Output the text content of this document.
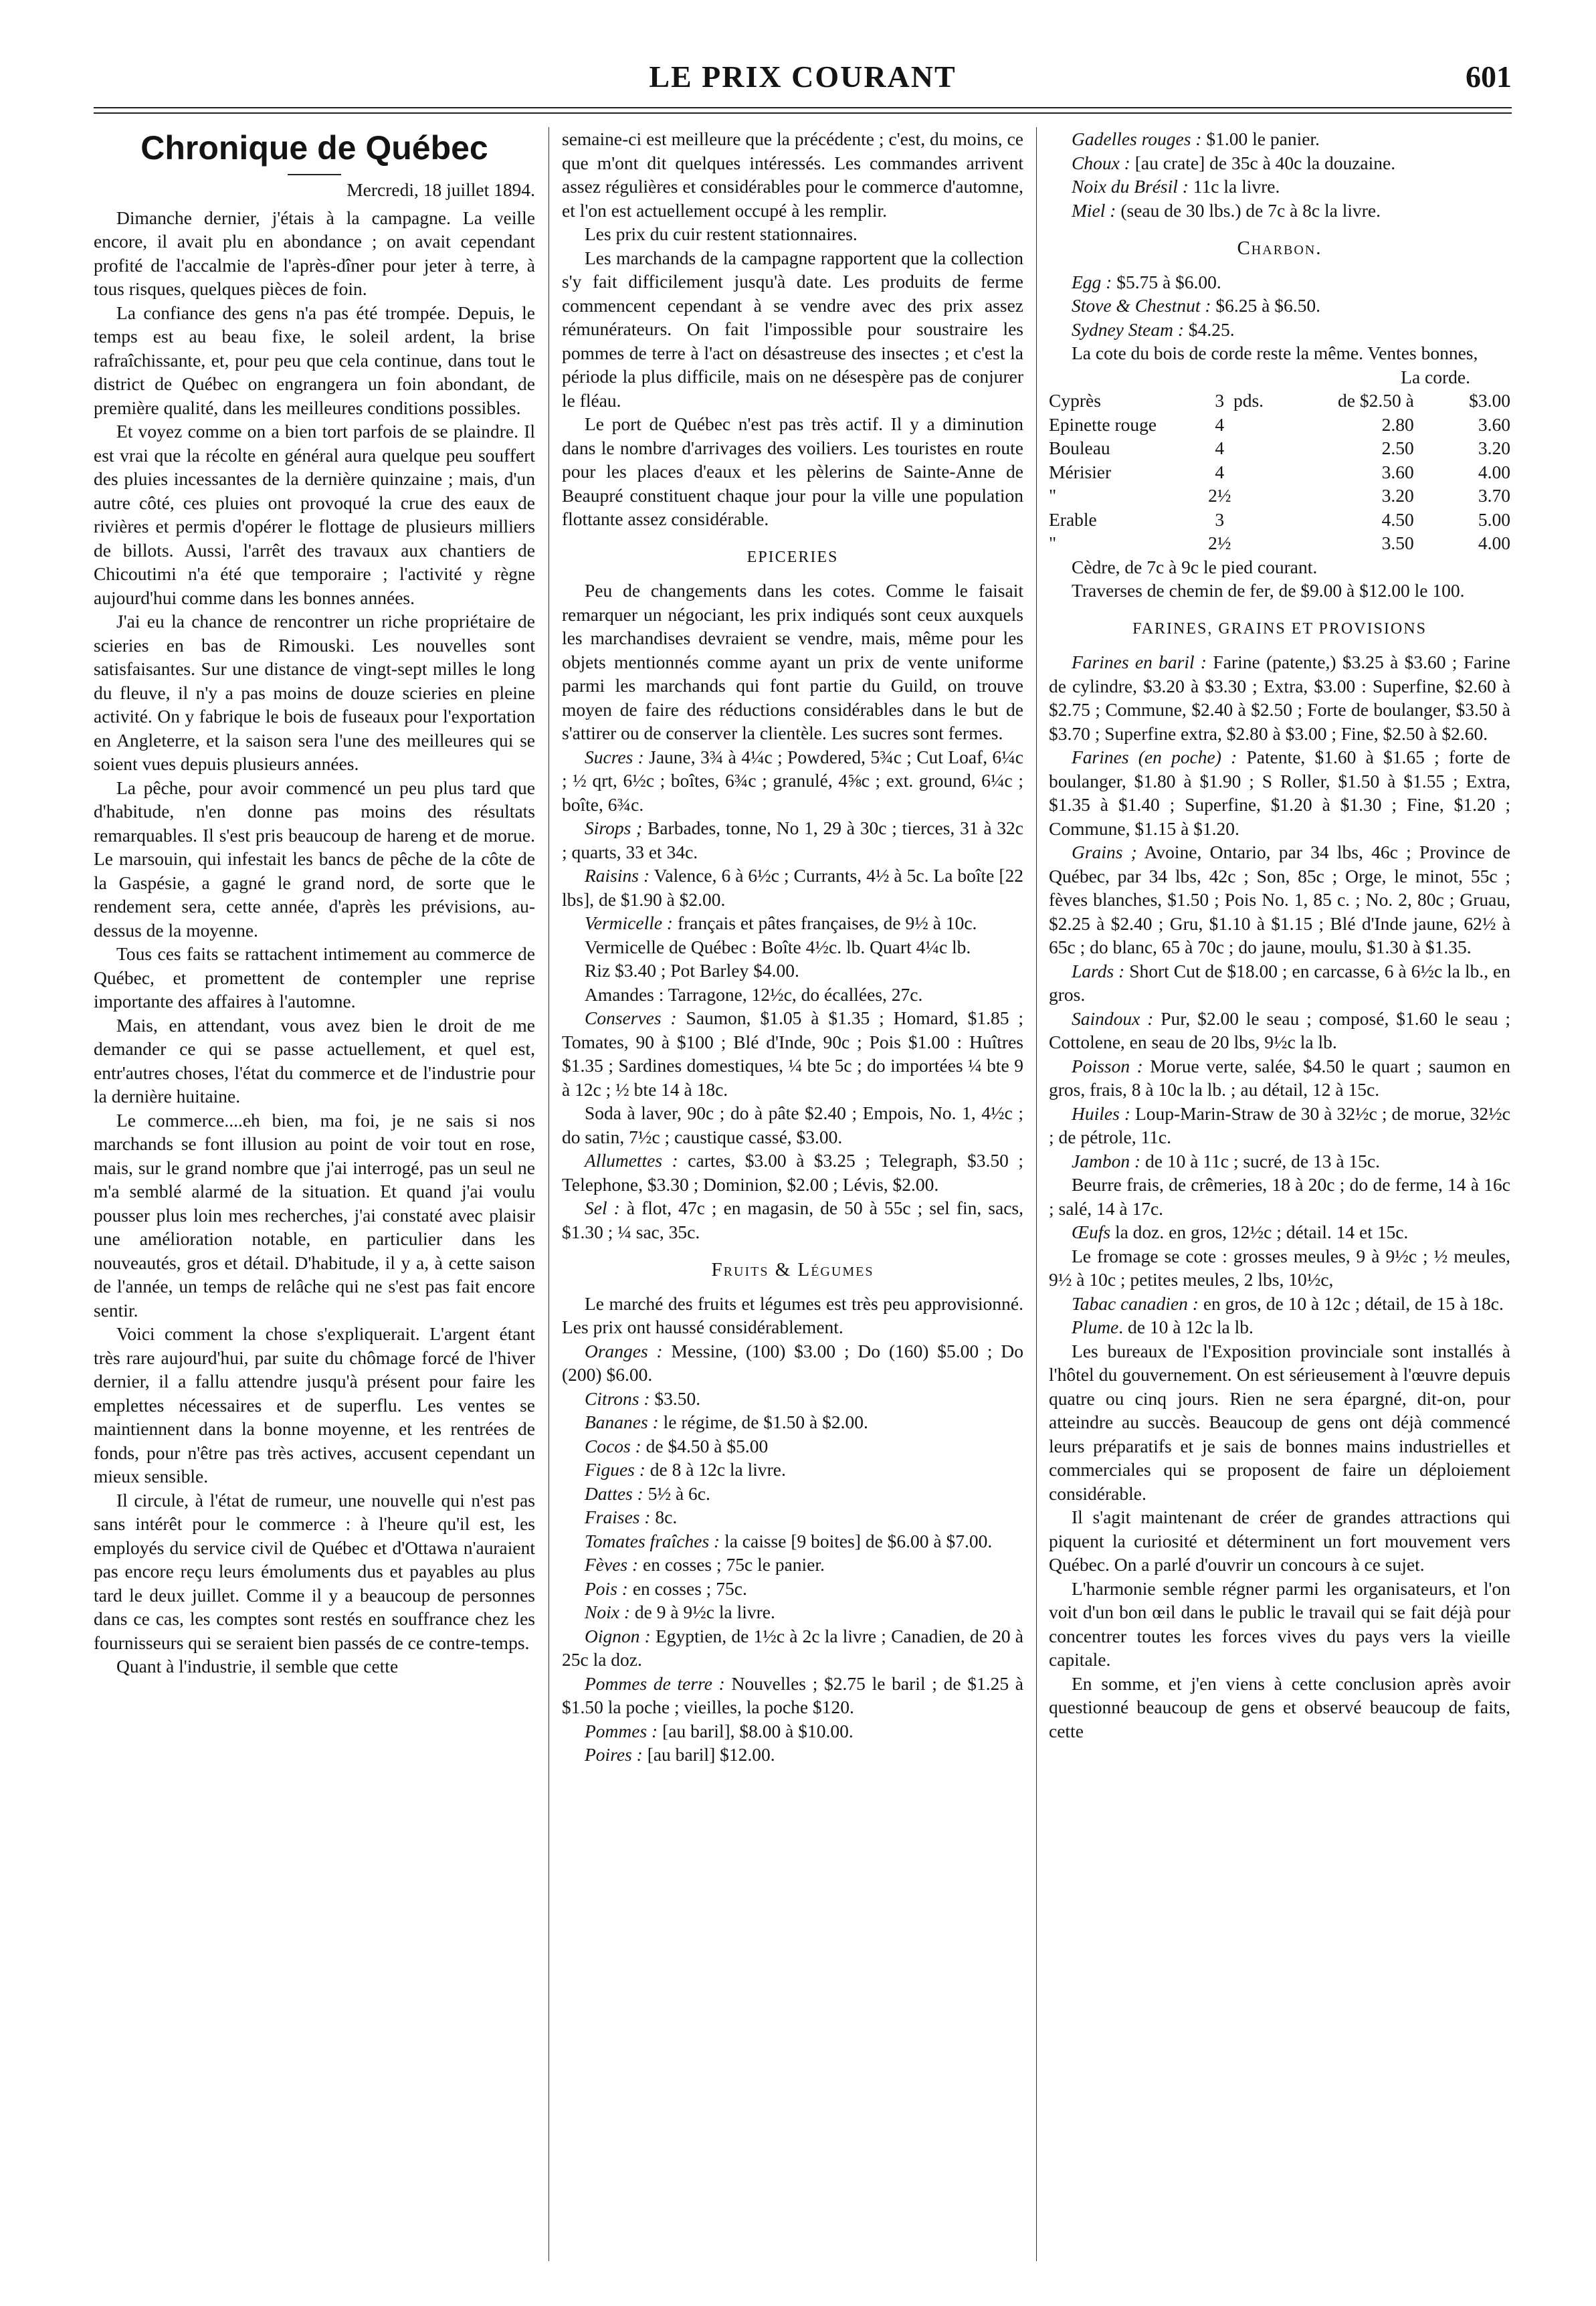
LE PRIX COURANT	601
Chronique de Québec

Mercredi, 18 juillet 1894.

Dimanche dernier, j'étais à la campagne. La veille encore, il avait plu en abondance ; on avait cependant profité de l'accalmie de l'après-dîner pour jeter à terre, à tous risques, quelques pièces de foin.

La confiance des gens n'a pas été trompée. Depuis, le temps est au beau fixe, le soleil ardent, la brise rafraîchissante, et, pour peu que cela continue, dans tout le district de Québec on engrangera un foin abondant, de première qualité, dans les meilleures conditions possibles.

Et voyez comme on a bien tort parfois de se plaindre. Il est vrai que la récolte en général aura quelque peu souffert des pluies incessantes de la dernière quinzaine ; mais, d'un autre côté, ces pluies ont provoqué la crue des eaux de rivières et permis d'opérer le flottage de plusieurs milliers de billots. Aussi, l'arrêt des travaux aux chantiers de Chicoutimi n'a été que temporaire ; l'activité y règne aujourd'hui comme dans les bonnes années.

J'ai eu la chance de rencontrer un riche propriétaire de scieries en bas de Rimouski. Les nouvelles sont satisfaisantes. Sur une distance de vingt-sept milles le long du fleuve, il n'y a pas moins de douze scieries en pleine activité. On y fabrique le bois de fuseaux pour l'exportation en Angleterre, et la saison sera l'une des meilleures qui se soient vues depuis plusieurs années.

La pêche, pour avoir commencé un peu plus tard que d'habitude, n'en donne pas moins des résultats remarquables. Il s'est pris beaucoup de hareng et de morue. Le marsouin, qui infestait les bancs de pêche de la côte de la Gaspésie, a gagné le grand nord, de sorte que le rendement sera, cette année, d'après les prévisions, au-dessus de la moyenne.

Tous ces faits se rattachent intimement au commerce de Québec, et promettent de contempler une reprise importante des affaires à l'automne.

Mais, en attendant, vous avez bien le droit de me demander ce qui se passe actuellement, et quel est, entr'autres choses, l'état du commerce et de l'industrie pour la dernière huitaine.

Le commerce....eh bien, ma foi, je ne sais si nos marchands se font illusion au point de voir tout en rose, mais, sur le grand nombre que j'ai interrogé, pas un seul ne m'a semblé alarmé de la situation. Et quand j'ai voulu pousser plus loin mes recherches, j'ai constaté avec plaisir une amélioration notable, en particulier dans les nouveautés, gros et détail. D'habitude, il y a, à cette saison de l'année, un temps de relâche qui ne s'est pas fait encore sentir.

Voici comment la chose s'expliquerait. L'argent étant très rare aujourd'hui, par suite du chômage forcé de l'hiver dernier, il a fallu attendre jusqu'à présent pour faire les emplettes nécessaires et de superflu. Les ventes se maintiennent dans la bonne moyenne, et les rentrées de fonds, pour n'être pas très actives, accusent cependant un mieux sensible.

Il circule, à l'état de rumeur, une nouvelle qui n'est pas sans intérêt pour le commerce : à l'heure qu'il est, les employés du service civil de Québec et d'Ottawa n'auraient pas encore reçu leurs émoluments dus et payables au plus tard le deux juillet. Comme il y a beaucoup de personnes dans ce cas, les comptes sont restés en souffrance chez les fournisseurs qui se seraient bien passés de ce contre-temps.

Quant à l'industrie, il semble que cette

semaine-ci est meilleure que la précédente ; c'est, du moins, ce que m'ont dit quelques intéressés. Les commandes arrivent assez régulières et considérables pour le commerce d'automne, et l'on est actuellement occupé à les remplir.

Les prix du cuir restent stationnaires.

Les marchands de la campagne rapportent que la collection s'y fait difficilement jusqu'à date. Les produits de ferme commencent cependant à se vendre avec des prix assez rémunérateurs. On fait l'impossible pour soustraire les pommes de terre à l'act on désastreuse des insectes ; et c'est la période la plus difficile, mais on ne désespère pas de conjurer le fléau.

Le port de Québec n'est pas très actif. Il y a diminution dans le nombre d'arrivages des voiliers. Les touristes en route pour les places d'eaux et les pèlerins de Sainte-Anne de Beaupré constituent chaque jour pour la ville une population flottante assez considérable.

EPICERIES

Peu de changements dans les cotes. Comme le faisait remarquer un négociant, les prix indiqués sont ceux auxquels les marchandises devraient se vendre, mais, même pour les objets mentionnés comme ayant un prix de vente uniforme parmi les marchands qui font partie du Guild, on trouve moyen de faire des réductions considérables dans le but de s'attirer ou de conserver la clientèle. Les sucres sont fermes.

Sucres : Jaune, 3¾ à 4¼c ; Powdered, 5¾c ; Cut Loaf, 6¼c ; ½ qrt, 6½c ; boîtes, 6¾c ; granulé, 4⅝c ; ext. ground, 6¼c ; boîte, 6¾c.

Sirops ; Barbades, tonne, No 1, 29 à 30c ; tierces, 31 à 32c ; quarts, 33 et 34c.

Raisins : Valence, 6 à 6½c ; Currants, 4½ à 5c. La boîte [22 lbs], de $1.90 à $2.00.

Vermicelle : français et pâtes françaises, de 9½ à 10c.

Vermicelle de Québec : Boîte 4½c. lb. Quart 4¼c lb.

Riz $3.40 ; Pot Barley $4.00.

Amandes : Tarragone, 12½c, do écallées, 27c.

Conserves : Saumon, $1.05 à $1.35 ; Homard, $1.85 ; Tomates, 90 à $100 ; Blé d'Inde, 90c ; Pois $1.00 : Huîtres $1.35 ; Sardines domestiques, ¼ bte 5c ; do importées ¼ bte 9 à 12c ; ½ bte 14 à 18c.

Soda à laver, 90c ; do à pâte $2.40 ; Empois, No. 1, 4½c ; do satin, 7½c ; caustique cassé, $3.00.

Allumettes : cartes, $3.00 à $3.25 ; Telegraph, $3.50 ; Telephone, $3.30 ; Dominion, $2.00 ; Lévis, $2.00.

Sel : à flot, 47c ; en magasin, de 50 à 55c ; sel fin, sacs, $1.30 ; ¼ sac, 35c.

Fruits & Légumes

Le marché des fruits et légumes est très peu approvisionné. Les prix ont haussé considérablement.

Oranges : Messine, (100) $3.00 ; Do (160) $5.00 ; Do (200) $6.00.

Citrons : $3.50.

Bananes : le régime, de $1.50 à $2.00.

Cocos : de $4.50 à $5.00

Figues : de 8 à 12c la livre.

Dattes : 5½ à 6c.

Fraises : 8c.

Tomates fraîches : la caisse [9 boites] de $6.00 à $7.00.

Fèves : en cosses ; 75c le panier.

Pois : en cosses ; 75c.

Noix : de 9 à 9½c la livre.

Oignon : Egyptien, de 1½c à 2c la livre ; Canadien, de 20 à 25c la doz.

Pommes de terre : Nouvelles ; $2.75 le baril ; de $1.25 à $1.50 la poche ; vieilles, la poche $120.

Pommes : [au baril], $8.00 à $10.00.

Poires : [au baril] $12.00.

Gadelles rouges : $1.00 le panier.

Choux : [au crate] de 35c à 40c la douzaine.

Noix du Brésil : 11c la livre.

Miel : (seau de 30 lbs.) de 7c à 8c la livre.

Charbon.

Egg : $5.75 à $6.00.

Stove & Chestnut : $6.25 à $6.50.

Sydney Steam : $4.25.

La cote du bois de corde reste la même. Ventes bonnes,

			La corde.	
Cyprès	3	pds.	de $2.50 à	$3.00
Epinette rouge	4		2.80	3.60
Bouleau	4		2.50	3.20
Mérisier	4		3.60	4.00
"	2½		3.20	3.70
Erable	3		4.50	5.00
"	2½		3.50	4.00

Cèdre, de 7c à 9c le pied courant.

Traverses de chemin de fer, de $9.00 à $12.00 le 100.

FARINES, GRAINS ET PROVISIONS

Farines en baril : Farine (patente,) $3.25 à $3.60 ; Farine de cylindre, $3.20 à $3.30 ; Extra, $3.00 : Superfine, $2.60 à $2.75 ; Commune, $2.40 à $2.50 ; Forte de boulanger, $3.50 à $3.70 ; Superfine extra, $2.80 à $3.00 ; Fine, $2.50 à $2.60.

Farines (en poche) : Patente, $1.60 à $1.65 ; forte de boulanger, $1.80 à $1.90 ; S Roller, $1.50 à $1.55 ; Extra, $1.35 à $1.40 ; Superfine, $1.20 à $1.30 ; Fine, $1.20 ; Commune, $1.15 à $1.20.

Grains ; Avoine, Ontario, par 34 lbs, 46c ; Province de Québec, par 34 lbs, 42c ; Son, 85c ; Orge, le minot, 55c ; fèves blanches, $1.50 ; Pois No. 1, 85 c. ; No. 2, 80c ; Gruau, $2.25 à $2.40 ; Gru, $1.10 à $1.15 ; Blé d'Inde jaune, 62½ à 65c ; do blanc, 65 à 70c ; do jaune, moulu, $1.30 à $1.35.

Lards : Short Cut de $18.00 ; en carcasse, 6 à 6½c la lb., en gros.

Saindoux : Pur, $2.00 le seau ; composé, $1.60 le seau ; Cottolene, en seau de 20 lbs, 9½c la lb.

Poisson : Morue verte, salée, $4.50 le quart ; saumon en gros, frais, 8 à 10c la lb. ; au détail, 12 à 15c.

Huiles : Loup-Marin-Straw de 30 à 32½c ; de morue, 32½c ; de pétrole, 11c.

Jambon : de 10 à 11c ; sucré, de 13 à 15c.

Beurre frais, de crêmeries, 18 à 20c ; do de ferme, 14 à 16c ; salé, 14 à 17c.

Œufs la doz. en gros, 12½c ; détail. 14 et 15c.

Le fromage se cote : grosses meules, 9 à 9½c ; ½ meules, 9½ à 10c ; petites meules, 2 lbs, 10½c,

Tabac canadien : en gros, de 10 à 12c ; détail, de 15 à 18c.

Plume. de 10 à 12c la lb.

Les bureaux de l'Exposition provinciale sont installés à l'hôtel du gouvernement. On est sérieusement à l'œuvre depuis quatre ou cinq jours. Rien ne sera épargné, dit-on, pour atteindre au succès. Beaucoup de gens ont déjà commencé leurs préparatifs et je sais de bonnes mains industrielles et commerciales qui se proposent de faire un déploiement considérable.

Il s'agit maintenant de créer de grandes attractions qui piquent la curiosité et déterminent un fort mouvement vers Québec. On a parlé d'ouvrir un concours à ce sujet.

L'harmonie semble régner parmi les organisateurs, et l'on voit d'un bon œil dans le public le travail qui se fait déjà pour concentrer toutes les forces vives du pays vers la vieille capitale.

En somme, et j'en viens à cette conclusion après avoir questionné beaucoup de gens et observé beaucoup de faits, cette
